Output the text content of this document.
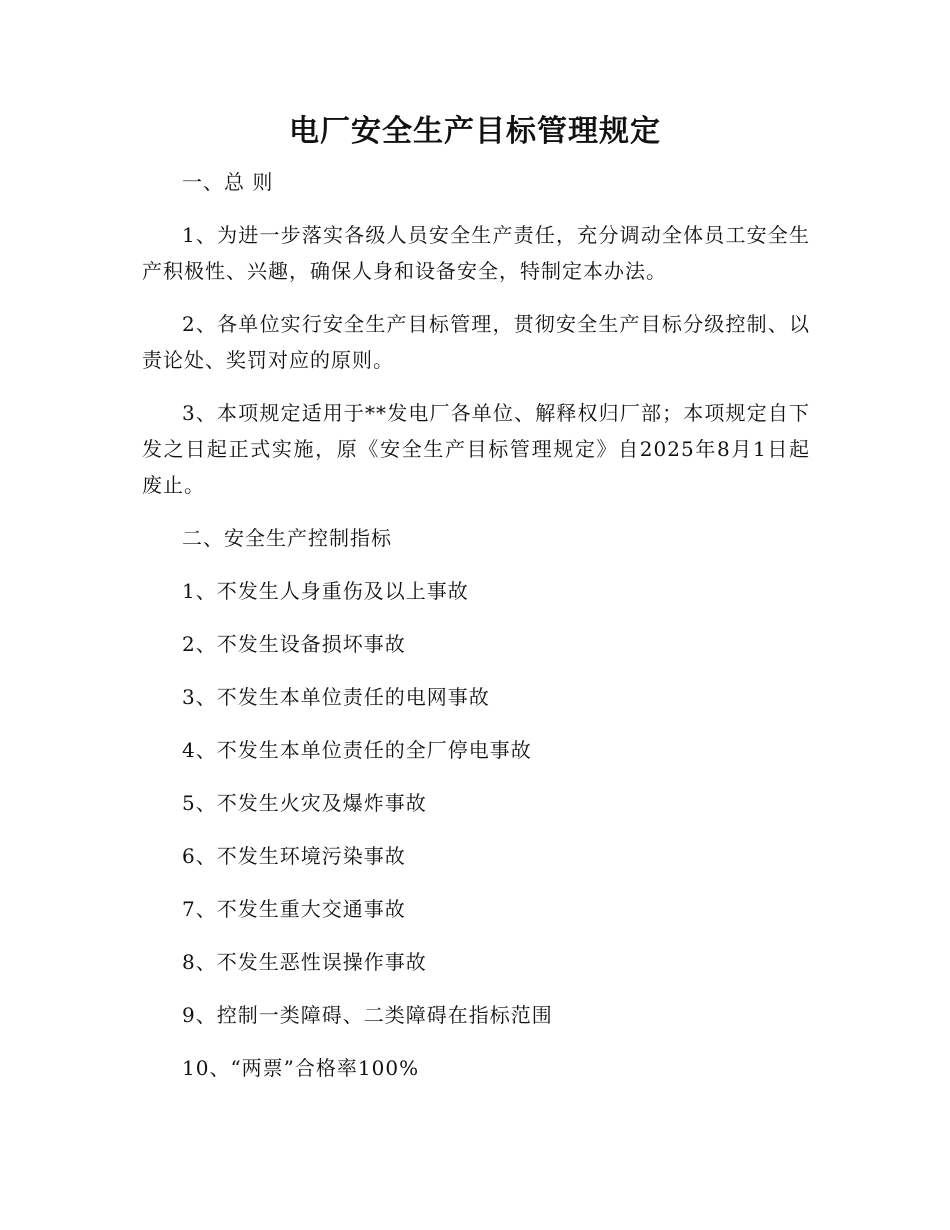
电厂安全生产目标管理规定

一、总 则

1、为进一步落实各级人员安全生产责任，充分调动全体员工安全生产积极性、兴趣，确保人身和设备安全，特制定本办法。

2、各单位实行安全生产目标管理，贯彻安全生产目标分级控制、以责论处、奖罚对应的原则。

3、本项规定适用于**发电厂各单位、解释权归厂部；本项规定自下发之日起正式实施，原《安全生产目标管理规定》自2025年8月1日起废止。

二、安全生产控制指标

1、不发生人身重伤及以上事故

2、不发生设备损坏事故

3、不发生本单位责任的电网事故

4、不发生本单位责任的全厂停电事故

5、不发生火灾及爆炸事故

6、不发生环境污染事故

7、不发生重大交通事故

8、不发生恶性误操作事故

9、控制一类障碍、二类障碍在指标范围

10、“两票”合格率100%
